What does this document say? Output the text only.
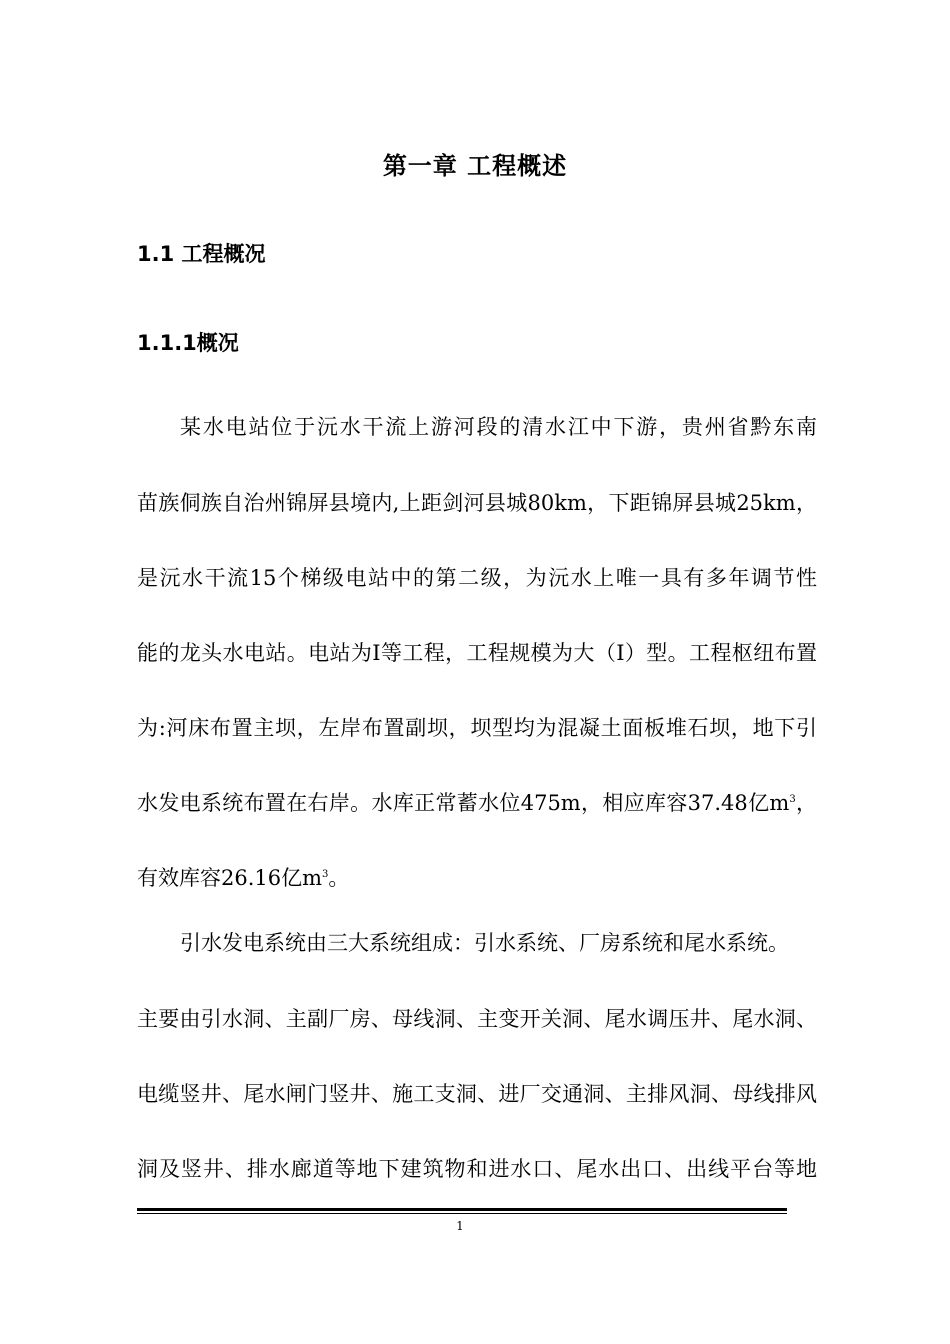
第一章 工程概述
1.1 工程概况
1.1.1概况

某水电站位于沅水干流上游河段的清水江中下游，贵州省黔东南

苗族侗族自治州锦屏县境内,上距剑河县城80km，下距锦屏县城25km，

是沅水干流15个梯级电站中的第二级，为沅水上唯一具有多年调节性

能的龙头水电站。电站为I等工程，工程规模为大（I）型。工程枢纽布置

为:河床布置主坝，左岸布置副坝，坝型均为混凝土面板堆石坝，地下引

水发电系统布置在右岸。水库正常蓄水位475m，相应库容37.48亿$m^3$，

有效库容26.16亿$m^3$。

引水发电系统由三大系统组成：引水系统、厂房系统和尾水系统。

主要由引水洞、主副厂房、母线洞、主变开关洞、尾水调压井、尾水洞、

电缆竖井、尾水闸门竖井、施工支洞、进厂交通洞、主排风洞、母线排风

洞及竖井、排水廊道等地下建筑物和进水口、尾水出口、出线平台等地

1
